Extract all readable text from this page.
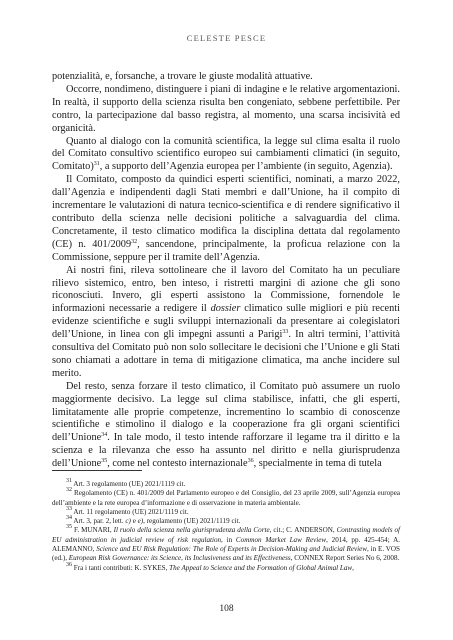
CELESTE PESCE

potenzialità, e, forsanche, a trovare le giuste modalità attuative.

Occorre, nondimeno, distinguere i piani di indagine e le relative argomentazioni. In realtà, il supporto della scienza risulta ben congeniato, sebbene perfettibile. Per contro, la partecipazione dal basso registra, al momento, una scarsa incisività ed organicità.

Quanto al dialogo con la comunità scientifica, la legge sul clima esalta il ruolo del Comitato consultivo scientifico europeo sui cambiamenti climatici (in seguito, Comitato)$^{31}$, a supporto dell’Agenzia europea per l’ambiente (in seguito, Agenzia).

Il Comitato, composto da quindici esperti scientifici, nominati, a marzo 2022, dall’Agenzia e indipendenti dagli Stati membri e dall’Unione, ha il compito di incrementare le valutazioni di natura tecnico-scientifica e di rendere significativo il contributo della scienza nelle decisioni politiche a salvaguardia del clima. Concretamente, il testo climatico modifica la disciplina dettata dal regolamento (CE) n. 401/2009$^{32}$, sancendone, principalmente, la proficua relazione con la Commissione, seppure per il tramite dell’Agenzia.

Ai nostri fini, rileva sottolineare che il lavoro del Comitato ha un peculiare rilievo sistemico, entro, ben inteso, i ristretti margini di azione che gli sono riconosciuti. Invero, gli esperti assistono la Commissione, fornendole le informazioni necessarie a redigere il dossier climatico sulle migliori e più recenti evidenze scientifiche e sugli sviluppi internazionali da presentare ai colegislatori dell’Unione, in linea con gli impegni assunti a Parigi$^{33}$. In altri termini, l’attività consultiva del Comitato può non solo sollecitare le decisioni che l’Unione e gli Stati sono chiamati a adottare in tema di mitigazione climatica, ma anche incidere sul merito.

Del resto, senza forzare il testo climatico, il Comitato può assumere un ruolo maggiormente decisivo. La legge sul clima stabilisce, infatti, che gli esperti, limitatamente alle proprie competenze, incrementino lo scambio di conoscenze scientifiche e stimolino il dialogo e la cooperazione fra gli organi scientifici dell’Unione$^{34}$. In tale modo, il testo intende rafforzare il legame tra il diritto e la scienza e la rilevanza che esso ha assunto nel diritto e nella giurisprudenza dell’Unione$^{35}$, come nel contesto internazionale$^{36}$, specialmente in tema di tutela

$^{31}$ Art. 3 regolamento (UE) 2021/1119 cit.

$^{32}$ Regolamento (CE) n. 401/2009 del Parlamento europeo e del Consiglio, del 23 aprile 2009, sull’Agenzia europea dell’ambiente e la rete europea d’informazione e di osservazione in materia ambientale.

$^{33}$ Art. 11 regolamento (UE) 2021/1119 cit.

$^{34}$ Art. 3, par. 2, lett. c) e e), regolamento (UE) 2021/1119 cit.

$^{35}$ F. MUNARI, Il ruolo della scienza nella giurisprudenza della Corte, cit.; C. ANDERSON, Contrasting models of EU administration in judicial review of risk regulation, in Common Market Law Review, 2014, pp. 425-454; A. ALEMANNO, Science and EU Risk Regulation: The Role of Experts in Decision-Making and Judicial Review, in E. VOS (ed.), European Risk Governance: its Science, its Inclusiveness and its Effectiveness, CONNEX Report Series No 6, 2008.

$^{36}$ Fra i tanti contributi: K. SYKES, The Appeal to Science and the Formation of Global Animal Law,

108
